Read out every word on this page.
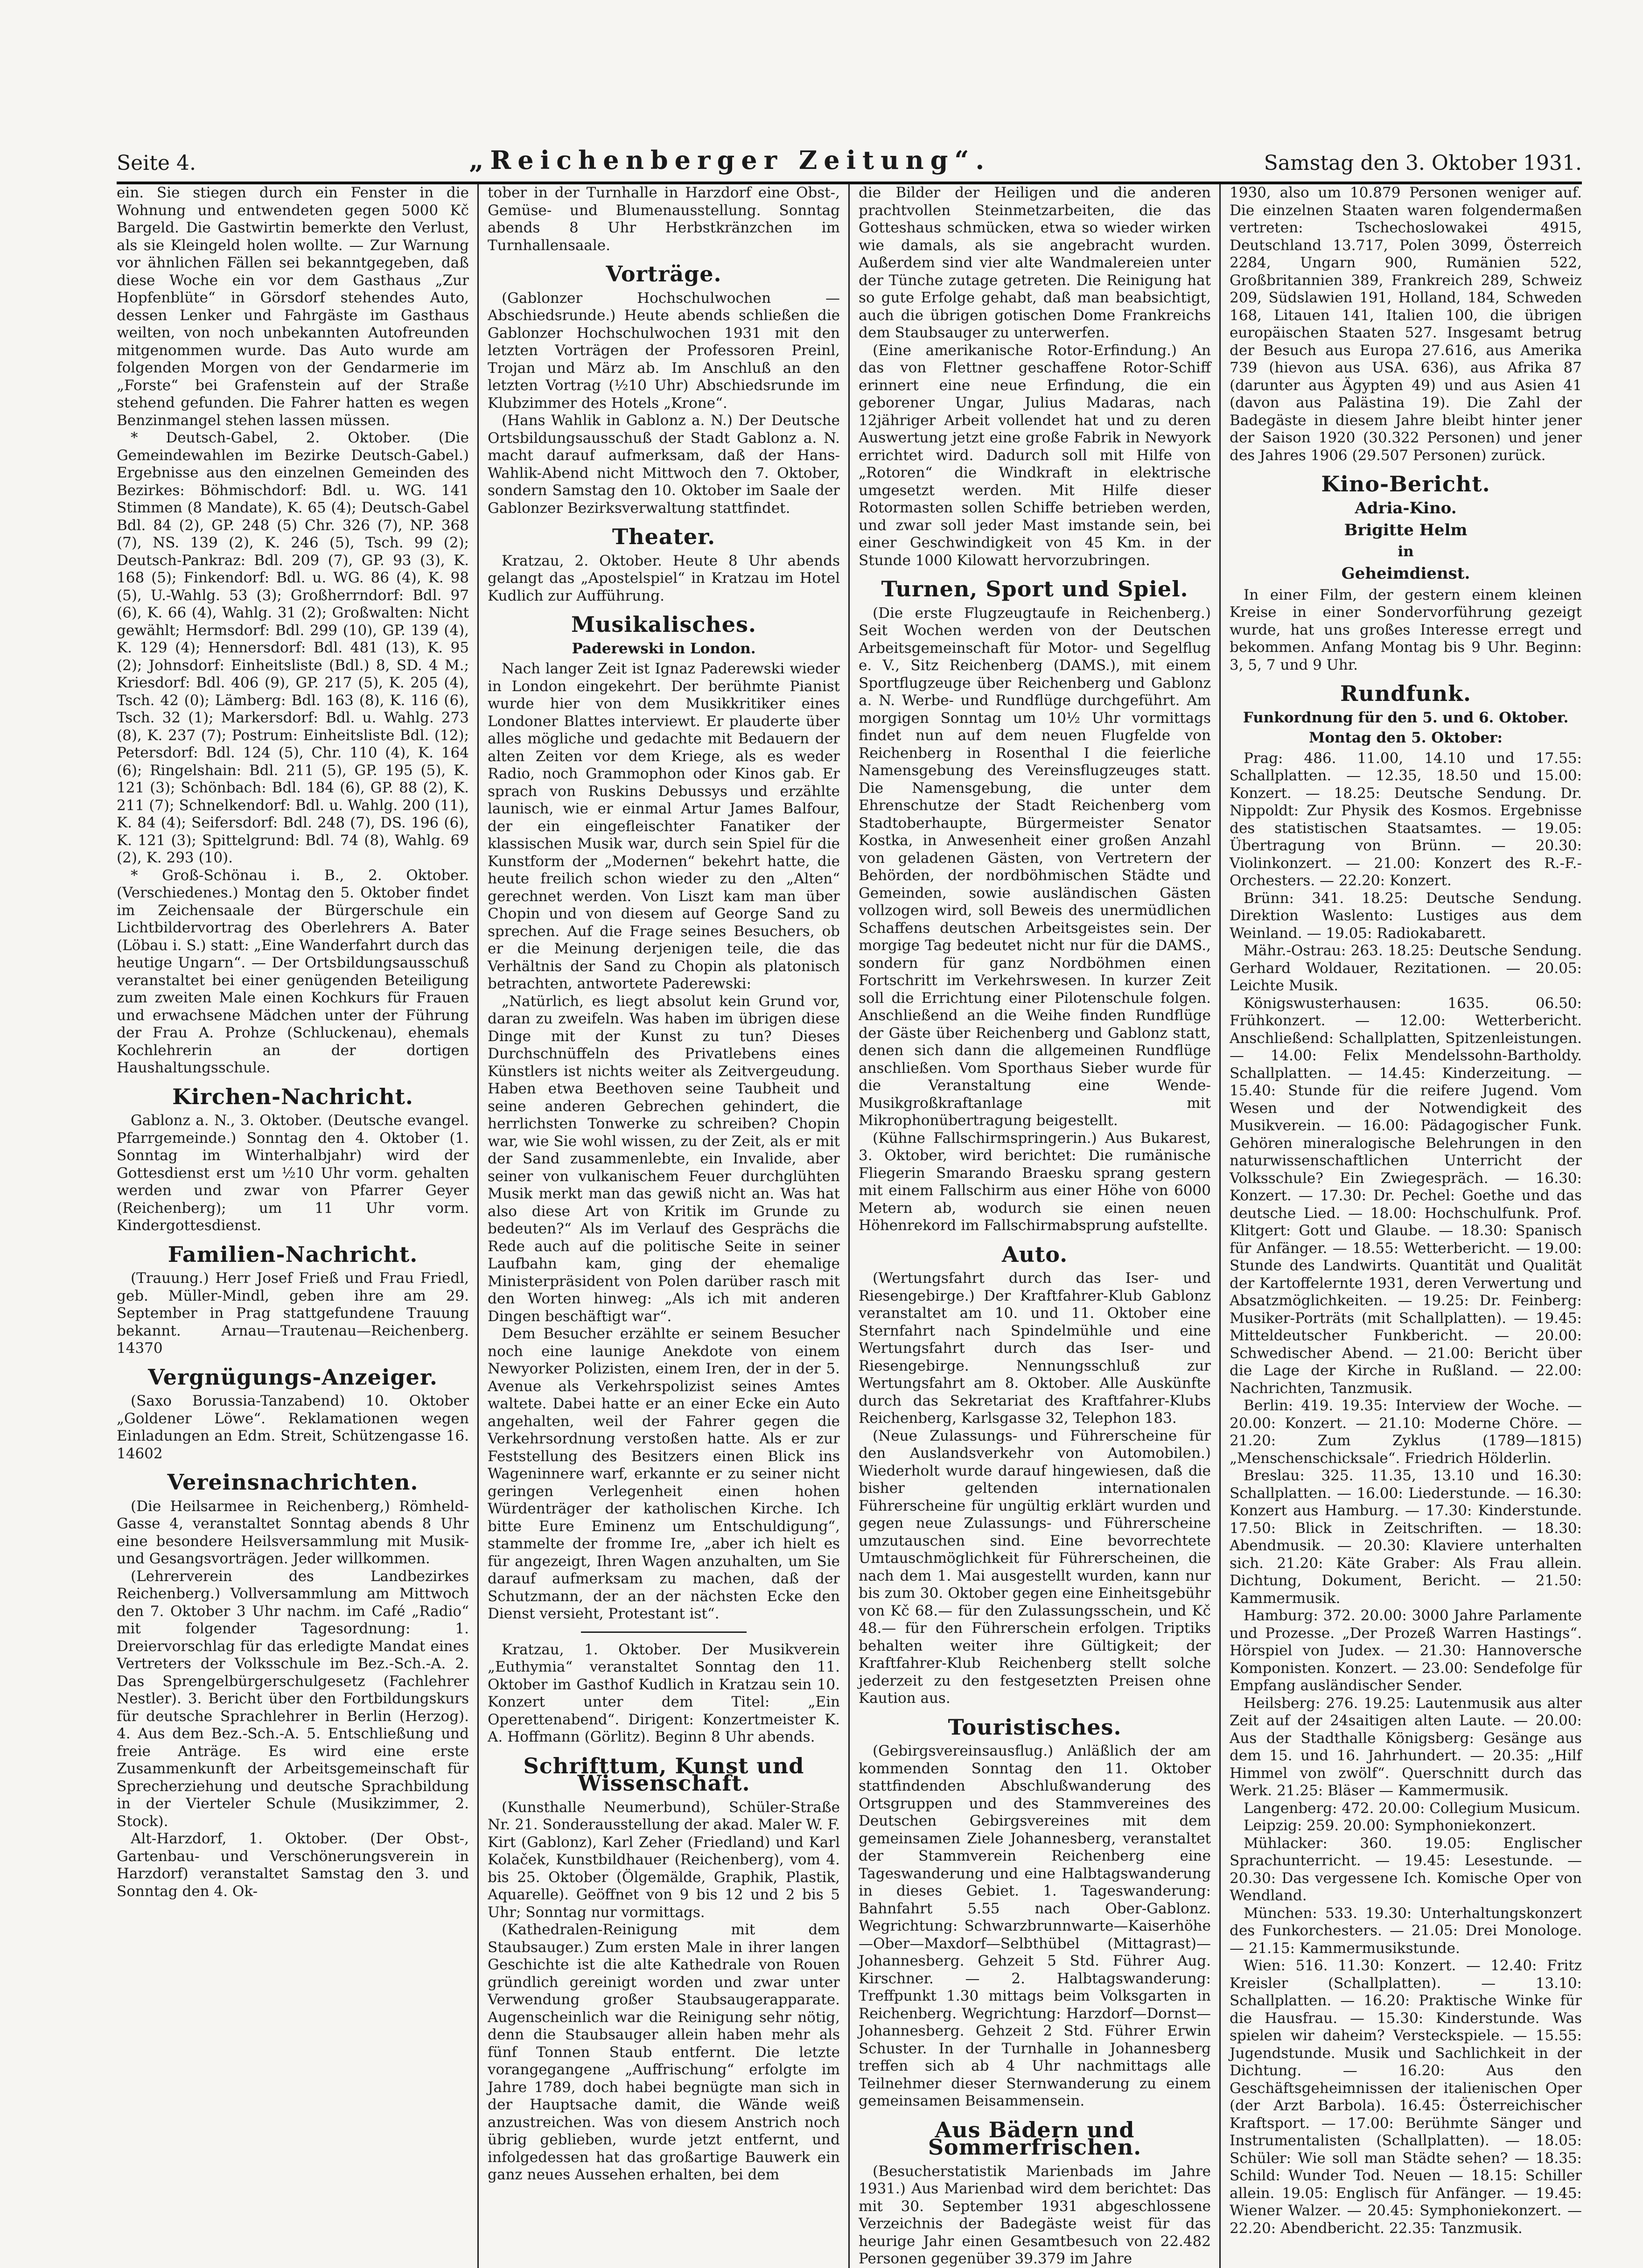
Seite 4.	„Reichenberger Zeitung“.	Samstag den 3. Oktober 1931.

ein. Sie stiegen durch ein Fenster in die Wohnung und entwendeten gegen 5000 Kč Bargeld. Die Gastwirtin bemerkte den Verlust, als sie Kleingeld holen wollte. — Zur Warnung vor ähnlichen Fällen sei bekanntgegeben, daß diese Woche ein vor dem Gasthaus „Zur Hopfenblüte“ in Görsdorf stehendes Auto, dessen Lenker und Fahrgäste im Gasthaus weilten, von noch unbekannten Autofreunden mitgenommen wurde. Das Auto wurde am folgenden Morgen von der Gendarmerie im „Forste“ bei Grafenstein auf der Straße stehend gefunden. Die Fahrer hatten es wegen Benzinmangel stehen lassen müssen.

* Deutsch-Gabel, 2. Oktober. (Die Gemeindewahlen im Bezirke Deutsch-Gabel.) Ergebnisse aus den einzelnen Gemeinden des Bezirkes: Böhmischdorf: Bdl. u. WG. 141 Stimmen (8 Mandate), K. 65 (4); Deutsch-Gabel Bdl. 84 (2), GP. 248 (5) Chr. 326 (7), NP. 368 (7), NS. 139 (2), K. 246 (5), Tsch. 99 (2); Deutsch-Pankraz: Bdl. 209 (7), GP. 93 (3), K. 168 (5); Finkendorf: Bdl. u. WG. 86 (4), K. 98 (5), U.-Wahlg. 53 (3); Großherrndorf: Bdl. 97 (6), K. 66 (4), Wahlg. 31 (2); Großwalten: Nicht gewählt; Hermsdorf: Bdl. 299 (10), GP. 139 (4), K. 129 (4); Hennersdorf: Bdl. 481 (13), K. 95 (2); Johnsdorf: Einheitsliste (Bdl.) 8, SD. 4 M.; Kriesdorf: Bdl. 406 (9), GP. 217 (5), K. 205 (4), Tsch. 42 (0); Lämberg: Bdl. 163 (8), K. 116 (6), Tsch. 32 (1); Markersdorf: Bdl. u. Wahlg. 273 (8), K. 237 (7); Postrum: Einheitsliste Bdl. (12); Petersdorf: Bdl. 124 (5), Chr. 110 (4), K. 164 (6); Ringelshain: Bdl. 211 (5), GP. 195 (5), K. 121 (3); Schönbach: Bdl. 184 (6), GP. 88 (2), K. 211 (7); Schnelkendorf: Bdl. u. Wahlg. 200 (11), K. 84 (4); Seifersdorf: Bdl. 248 (7), DS. 196 (6), K. 121 (3); Spittelgrund: Bdl. 74 (8), Wahlg. 69 (2), K. 293 (10).

* Groß-Schönau i. B., 2. Oktober. (Verschiedenes.) Montag den 5. Oktober findet im Zeichensaale der Bürgerschule ein Lichtbildervortrag des Oberlehrers A. Bater (Löbau i. S.) statt: „Eine Wanderfahrt durch das heutige Ungarn“. — Der Ortsbildungsausschuß veranstaltet bei einer genügenden Beteiligung zum zweiten Male einen Kochkurs für Frauen und erwachsene Mädchen unter der Führung der Frau A. Prohze (Schluckenau), ehemals Kochlehrerin an der dortigen Haushaltungsschule.

Kirchen-Nachricht.

Gablonz a. N., 3. Oktober. (Deutsche evangel. Pfarrgemeinde.) Sonntag den 4. Oktober (1. Sonntag im Winterhalbjahr) wird der Gottesdienst erst um ½10 Uhr vorm. gehalten werden und zwar von Pfarrer Geyer (Reichenberg); um 11 Uhr vorm. Kindergottesdienst.

Familien-Nachricht.

(Trauung.) Herr Josef Frieß und Frau Friedl, geb. Müller-Mindl, geben ihre am 29. September in Prag stattgefundene Trauung bekannt. Arnau—Trautenau—Reichenberg. 14370

Vergnügungs-Anzeiger.

(Saxo Borussia-Tanzabend) 10. Oktober „Goldener Löwe“. Reklamationen wegen Einladungen an Edm. Streit, Schützengasse 16. 14602

Vereinsnachrichten.

(Die Heilsarmee in Reichenberg,) Römheld-Gasse 4, veranstaltet Sonntag abends 8 Uhr eine besondere Heilsversammlung mit Musik- und Gesangsvorträgen. Jeder willkommen.

(Lehrerverein des Landbezirkes Reichenberg.) Vollversammlung am Mittwoch den 7. Oktober 3 Uhr nachm. im Café „Radio“ mit folgender Tagesordnung: 1. Dreiervorschlag für das erledigte Mandat eines Vertreters der Volksschule im Bez.-Sch.-A. 2. Das Sprengelbürgerschulgesetz (Fachlehrer Nestler). 3. Bericht über den Fortbildungskurs für deutsche Sprachlehrer in Berlin (Herzog). 4. Aus dem Bez.-Sch.-A. 5. Entschließung und freie Anträge. Es wird eine erste Zusammenkunft der Arbeitsgemeinschaft für Sprecherziehung und deutsche Sprachbildung in der Vierteler Schule (Musikzimmer, 2. Stock).

Alt-Harzdorf, 1. Oktober. (Der Obst-, Gartenbau- und Verschönerungsverein in Harzdorf) veranstaltet Samstag den 3. und Sonntag den 4. Ok-

tober in der Turnhalle in Harzdorf eine Obst-, Gemüse- und Blumenausstellung. Sonntag abends 8 Uhr Herbstkränzchen im Turnhallensaale.

Vorträge.

(Gablonzer Hochschulwochen — Abschiedsrunde.) Heute abends schließen die Gablonzer Hochschulwochen 1931 mit den letzten Vorträgen der Professoren Preinl, Trojan und März ab. Im Anschluß an den letzten Vortrag (½10 Uhr) Abschiedsrunde im Klubzimmer des Hotels „Krone“.

(Hans Wahlik in Gablonz a. N.) Der Deutsche Ortsbildungsausschuß der Stadt Gablonz a. N. macht darauf aufmerksam, daß der Hans-Wahlik-Abend nicht Mittwoch den 7. Oktober, sondern Samstag den 10. Oktober im Saale der Gablonzer Bezirksverwaltung stattfindet.

Theater.

Kratzau, 2. Oktober. Heute 8 Uhr abends gelangt das „Apostelspiel“ in Kratzau im Hotel Kudlich zur Aufführung.

Musikalisches.
Paderewski in London.

Nach langer Zeit ist Ignaz Paderewski wieder in London eingekehrt. Der berühmte Pianist wurde hier von dem Musikkritiker eines Londoner Blattes interviewt. Er plauderte über alles mögliche und gedachte mit Bedauern der alten Zeiten vor dem Kriege, als es weder Radio, noch Grammophon oder Kinos gab. Er sprach von Ruskins Debussys und erzählte launisch, wie er einmal Artur James Balfour, der ein eingefleischter Fanatiker der klassischen Musik war, durch sein Spiel für die Kunstform der „Modernen“ bekehrt hatte, die heute freilich schon wieder zu den „Alten“ gerechnet werden. Von Liszt kam man über Chopin und von diesem auf George Sand zu sprechen. Auf die Frage seines Besuchers, ob er die Meinung derjenigen teile, die das Verhältnis der Sand zu Chopin als platonisch betrachten, antwortete Paderewski:

„Natürlich, es liegt absolut kein Grund vor, daran zu zweifeln. Was haben im übrigen diese Dinge mit der Kunst zu tun? Dieses Durchschnüffeln des Privatlebens eines Künstlers ist nichts weiter als Zeitvergeudung. Haben etwa Beethoven seine Taubheit und seine anderen Gebrechen gehindert, die herrlichsten Tonwerke zu schreiben? Chopin war, wie Sie wohl wissen, zu der Zeit, als er mit der Sand zusammenlebte, ein Invalide, aber seiner von vulkanischem Feuer durchglühten Musik merkt man das gewiß nicht an. Was hat also diese Art von Kritik im Grunde zu bedeuten?“ Als im Verlauf des Gesprächs die Rede auch auf die politische Seite in seiner Laufbahn kam, ging der ehemalige Ministerpräsident von Polen darüber rasch mit den Worten hinweg: „Als ich mit anderen Dingen beschäftigt war“.

Dem Besucher erzählte er seinem Besucher noch eine launige Anekdote von einem Newyorker Polizisten, einem Iren, der in der 5. Avenue als Verkehrspolizist seines Amtes waltete. Dabei hatte er an einer Ecke ein Auto angehalten, weil der Fahrer gegen die Verkehrsordnung verstoßen hatte. Als er zur Feststellung des Besitzers einen Blick ins Wageninnere warf, erkannte er zu seiner nicht geringen Verlegenheit einen hohen Würdenträger der katholischen Kirche. Ich bitte Eure Eminenz um Entschuldigung“, stammelte der fromme Ire, „aber ich hielt es für angezeigt, Ihren Wagen anzuhalten, um Sie darauf aufmerksam zu machen, daß der Schutzmann, der an der nächsten Ecke den Dienst versieht, Protestant ist“.

Kratzau, 1. Oktober. Der Musikverein „Euthymia“ veranstaltet Sonntag den 11. Oktober im Gasthof Kudlich in Kratzau sein 10. Konzert unter dem Titel: „Ein Operettenabend“. Dirigent: Konzertmeister K. A. Hoffmann (Görlitz). Beginn 8 Uhr abends.

Schrifttum, Kunst und Wissenschaft.

(Kunsthalle Neumerbund), Schüler-Straße Nr. 21. Sonderausstellung der akad. Maler W. F. Kirt (Gablonz), Karl Zeher (Friedland) und Karl Kolaček, Kunstbildhauer (Reichenberg), vom 4. bis 25. Oktober (Ölgemälde, Graphik, Plastik, Aquarelle). Geöffnet von 9 bis 12 und 2 bis 5 Uhr; Sonntag nur vormittags.

(Kathedralen-Reinigung mit dem Staubsauger.) Zum ersten Male in ihrer langen Geschichte ist die alte Kathedrale von Rouen gründlich gereinigt worden und zwar unter Verwendung großer Staubsaugerapparate. Augenscheinlich war die Reinigung sehr nötig, denn die Staubsauger allein haben mehr als fünf Tonnen Staub entfernt. Die letzte vorangegangene „Auffrischung“ erfolgte im Jahre 1789, doch habei begnügte man sich in der Hauptsache damit, die Wände weiß anzustreichen. Was von diesem Anstrich noch übrig geblieben, wurde jetzt entfernt, und infolgedessen hat das großartige Bauwerk ein ganz neues Aussehen erhalten, bei dem

die Bilder der Heiligen und die anderen prachtvollen Steinmetzarbeiten, die das Gotteshaus schmücken, etwa so wieder wirken wie damals, als sie angebracht wurden. Außerdem sind vier alte Wandmalereien unter der Tünche zutage getreten. Die Reinigung hat so gute Erfolge gehabt, daß man beabsichtigt, auch die übrigen gotischen Dome Frankreichs dem Staubsauger zu unterwerfen.

(Eine amerikanische Rotor-Erfindung.) An das von Flettner geschaffene Rotor-Schiff erinnert eine neue Erfindung, die ein geborener Ungar, Julius Madaras, nach 12jähriger Arbeit vollendet hat und zu deren Auswertung jetzt eine große Fabrik in Newyork errichtet wird. Dadurch soll mit Hilfe von „Rotoren“ die Windkraft in elektrische umgesetzt werden. Mit Hilfe dieser Rotormasten sollen Schiffe betrieben werden, und zwar soll jeder Mast imstande sein, bei einer Geschwindigkeit von 45 Km. in der Stunde 1000 Kilowatt hervorzubringen.

Turnen, Sport und Spiel.

(Die erste Flugzeugtaufe in Reichenberg.) Seit Wochen werden von der Deutschen Arbeitsgemeinschaft für Motor- und Segelflug e. V., Sitz Reichenberg (DAMS.), mit einem Sportflugzeuge über Reichenberg und Gablonz a. N. Werbe- und Rundflüge durchgeführt. Am morgigen Sonntag um 10½ Uhr vormittags findet nun auf dem neuen Flugfelde von Reichenberg in Rosenthal I die feierliche Namensgebung des Vereinsflugzeuges statt. Die Namensgebung, die unter dem Ehrenschutze der Stadt Reichenberg vom Stadtoberhaupte, Bürgermeister Senator Kostka, in Anwesenheit einer großen Anzahl von geladenen Gästen, von Vertretern der Behörden, der nordböhmischen Städte und Gemeinden, sowie ausländischen Gästen vollzogen wird, soll Beweis des unermüdlichen Schaffens deutschen Arbeitsgeistes sein. Der morgige Tag bedeutet nicht nur für die DAMS., sondern für ganz Nordböhmen einen Fortschritt im Verkehrswesen. In kurzer Zeit soll die Errichtung einer Pilotenschule folgen. Anschließend an die Weihe finden Rundflüge der Gäste über Reichenberg und Gablonz statt, denen sich dann die allgemeinen Rundflüge anschließen. Vom Sporthaus Sieber wurde für die Veranstaltung eine Wende-Musikgroßkraftanlage mit Mikrophonübertragung beigestellt.

(Kühne Fallschirmspringerin.) Aus Bukarest, 3. Oktober, wird berichtet: Die rumänische Fliegerin Smarando Braesku sprang gestern mit einem Fallschirm aus einer Höhe von 6000 Metern ab, wodurch sie einen neuen Höhenrekord im Fallschirmabsprung aufstellte.

Auto.

(Wertungsfahrt durch das Iser- und Riesengebirge.) Der Kraftfahrer-Klub Gablonz veranstaltet am 10. und 11. Oktober eine Sternfahrt nach Spindelmühle und eine Wertungsfahrt durch das Iser- und Riesengebirge. Nennungsschluß zur Wertungsfahrt am 8. Oktober. Alle Auskünfte durch das Sekretariat des Kraftfahrer-Klubs Reichenberg, Karlsgasse 32, Telephon 183.

(Neue Zulassungs- und Führerscheine für den Auslandsverkehr von Automobilen.) Wiederholt wurde darauf hingewiesen, daß die bisher geltenden internationalen Führerscheine für ungültig erklärt wurden und gegen neue Zulassungs- und Führerscheine umzutauschen sind. Eine bevorrechtete Umtauschmöglichkeit für Führerscheinen, die nach dem 1. Mai ausgestellt wurden, kann nur bis zum 30. Oktober gegen eine Einheitsgebühr von Kč 68.— für den Zulassungsschein, und Kč 48.— für den Führerschein erfolgen. Triptiks behalten weiter ihre Gültigkeit; der Kraftfahrer-Klub Reichenberg stellt solche jederzeit zu den festgesetzten Preisen ohne Kaution aus.

Touristisches.

(Gebirgsvereinsausflug.) Anläßlich der am kommenden Sonntag den 11. Oktober stattfindenden Abschlußwanderung des Ortsgruppen und des Stammvereines des Deutschen Gebirgsvereines mit dem gemeinsamen Ziele Johannesberg, veranstaltet der Stammverein Reichenberg eine Tageswanderung und eine Halbtagswanderung in dieses Gebiet. 1. Tageswanderung: Bahnfahrt 5.55 nach Ober-Gablonz. Wegrichtung: Schwarzbrunnwarte—Kaiserhöhe—Ober—Maxdorf—Selbthübel (Mittagrast)—Johannesberg. Gehzeit 5 Std. Führer Aug. Kirschner. — 2. Halbtagswanderung: Treffpunkt 1.30 mittags beim Volksgarten in Reichenberg. Wegrichtung: Harzdorf—Dornst—Johannesberg. Gehzeit 2 Std. Führer Erwin Schuster. In der Turnhalle in Johannesberg treffen sich ab 4 Uhr nachmittags alle Teilnehmer dieser Sternwanderung zu einem gemeinsamen Beisammensein.

Aus Bädern und Sommerfrischen.

(Besucherstatistik Marienbads im Jahre 1931.) Aus Marienbad wird dem berichtet: Das mit 30. September 1931 abgeschlossene Verzeichnis der Badegäste weist für das heurige Jahr einen Gesamtbesuch von 22.482 Personen gegenüber 39.379 im Jahre

1930, also um 10.879 Personen weniger auf. Die einzelnen Staaten waren folgendermaßen vertreten: Tschechoslowakei 4915, Deutschland 13.717, Polen 3099, Österreich 2284, Ungarn 900, Rumänien 522, Großbritannien 389, Frankreich 289, Schweiz 209, Südslawien 191, Holland, 184, Schweden 168, Litauen 141, Italien 100, die übrigen europäischen Staaten 527. Insgesamt betrug der Besuch aus Europa 27.616, aus Amerika 739 (hievon aus USA. 636), aus Afrika 87 (darunter aus Ägypten 49) und aus Asien 41 (davon aus Palästina 19). Die Zahl der Badegäste in diesem Jahre bleibt hinter jener der Saison 1920 (30.322 Personen) und jener des Jahres 1906 (29.507 Personen) zurück.

Kino-Bericht.
Adria-Kino.
Brigitte Helm
in
Geheimdienst.

In einer Film, der gestern einem kleinen Kreise in einer Sondervorführung gezeigt wurde, hat uns großes Interesse erregt und bekommen. Anfang Montag bis 9 Uhr. Beginn: 3, 5, 7 und 9 Uhr.

Rundfunk.
Funkordnung für den 5. und 6. Oktober.
Montag den 5. Oktober:

Prag: 486. 11.00, 14.10 und 17.55: Schallplatten. — 12.35, 18.50 und 15.00: Konzert. — 18.25: Deutsche Sendung. Dr. Nippoldt: Zur Physik des Kosmos. Ergebnisse des statistischen Staatsamtes. — 19.05: Übertragung von Brünn. — 20.30: Violinkonzert. — 21.00: Konzert des R.-F.-Orchesters. — 22.20: Konzert.

Brünn: 341. 18.25: Deutsche Sendung. Direktion Waslento: Lustiges aus dem Weinland. — 19.05: Radiokabarett.

Mähr.-Ostrau: 263. 18.25: Deutsche Sendung. Gerhard Woldauer, Rezitationen. — 20.05: Leichte Musik.

Königswusterhausen: 1635. 06.50: Frühkonzert. — 12.00: Wetterbericht. Anschließend: Schallplatten, Spitzenleistungen. — 14.00: Felix Mendelssohn-Bartholdy. Schallplatten. — 14.45: Kinderzeitung. — 15.40: Stunde für die reifere Jugend. Vom Wesen und der Notwendigkeit des Musikverein. — 16.00: Pädagogischer Funk. Gehören mineralogische Belehrungen in den naturwissenschaftlichen Unterricht der Volksschule? Ein Zwiegespräch. — 16.30: Konzert. — 17.30: Dr. Pechel: Goethe und das deutsche Lied. — 18.00: Hochschulfunk. Prof. Klitgert: Gott und Glaube. — 18.30: Spanisch für Anfänger. — 18.55: Wetterbericht. — 19.00: Stunde des Landwirts. Quantität und Qualität der Kartoffelernte 1931, deren Verwertung und Absatzmöglichkeiten. — 19.25: Dr. Feinberg: Musiker-Porträts (mit Schallplatten). — 19.45: Mitteldeutscher Funkbericht. — 20.00: Schwedischer Abend. — 21.00: Bericht über die Lage der Kirche in Rußland. — 22.00: Nachrichten, Tanzmusik.

Berlin: 419. 19.35: Interview der Woche. — 20.00: Konzert. — 21.10: Moderne Chöre. — 21.20: Zum Zyklus (1789—1815) „Menschenschicksale“. Friedrich Hölderlin.

Breslau: 325. 11.35, 13.10 und 16.30: Schallplatten. — 16.00: Liederstunde. — 16.30: Konzert aus Hamburg. — 17.30: Kinderstunde. 17.50: Blick in Zeitschriften. — 18.30: Abendmusik. — 20.30: Klaviere unterhalten sich. 21.20: Käte Graber: Als Frau allein. Dichtung, Dokument, Bericht. — 21.50: Kammermusik.

Hamburg: 372. 20.00: 3000 Jahre Parlamente und Prozesse. „Der Prozeß Warren Hastings“. Hörspiel von Judex. — 21.30: Hannoversche Komponisten. Konzert. — 23.00: Sendefolge für Empfang ausländischer Sender.

Heilsberg: 276. 19.25: Lautenmusik aus alter Zeit auf der 24saitigen alten Laute. — 20.00: Aus der Stadthalle Königsberg: Gesänge aus dem 15. und 16. Jahrhundert. — 20.35: „Hilf Himmel von zwölf“. Querschnitt durch das Werk. 21.25: Bläser — Kammermusik.

Langenberg: 472. 20.00: Collegium Musicum.

Leipzig: 259. 20.00: Symphoniekonzert.

Mühlacker: 360. 19.05: Englischer Sprachunterricht. — 19.45: Lesestunde. — 20.30: Das vergessene Ich. Komische Oper von Wendland.

München: 533. 19.30: Unterhaltungskonzert des Funkorchesters. — 21.05: Drei Monologe. — 21.15: Kammermusikstunde.

Wien: 516. 11.30: Konzert. — 12.40: Fritz Kreisler (Schallplatten). — 13.10: Schallplatten. — 16.20: Praktische Winke für die Hausfrau. — 15.30: Kinderstunde. Was spielen wir daheim? Versteckspiele. — 15.55: Jugendstunde. Musik und Sachlichkeit in der Dichtung. — 16.20: Aus den Geschäftsgeheimnissen der italienischen Oper (der Arzt Barbola). 16.45: Österreichischer Kraftsport. — 17.00: Berühmte Sänger und Instrumentalisten (Schallplatten). — 18.05: Schüler: Wie soll man Städte sehen? — 18.35: Schild: Wunder Tod. Neuen — 18.15: Schiller allein. 19.05: Englisch für Anfänger. — 19.45: Wiener Walzer. — 20.45: Symphoniekonzert. — 22.20: Abendbericht. 22.35: Tanzmusik.
